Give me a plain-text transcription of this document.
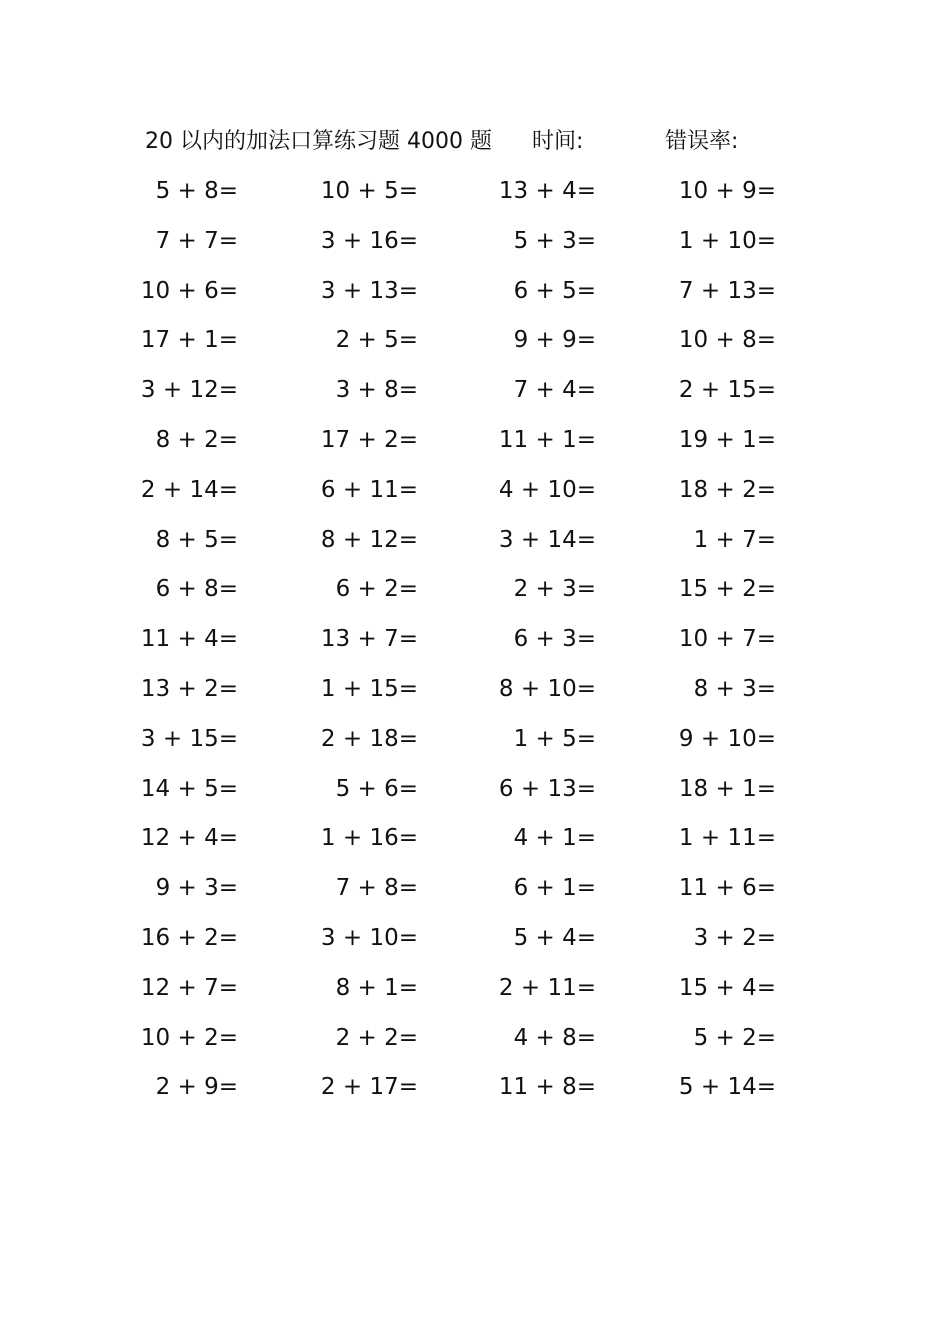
20 以内的加法口算练习题 4000 题 时间:	错误率:
5 + 8=	10 + 5=	13 + 4=	10 + 9=
7 + 7=	3 + 16=	5 + 3=	1 + 10=
10 + 6=	3 + 13=	6 + 5=	7 + 13=
17 + 1=	2 + 5=	9 + 9=	10 + 8=
3 + 12=	3 + 8=	7 + 4=	2 + 15=
8 + 2=	17 + 2=	11 + 1=	19 + 1=
2 + 14=	6 + 11=	4 + 10=	18 + 2=
8 + 5=	8 + 12=	3 + 14=	1 + 7=
6 + 8=	6 + 2=	2 + 3=	15 + 2=
11 + 4=	13 + 7=	6 + 3=	10 + 7=
13 + 2=	1 + 15=	8 + 10=	8 + 3=
3 + 15=	2 + 18=	1 + 5=	9 + 10=
14 + 5=	5 + 6=	6 + 13=	18 + 1=
12 + 4=	1 + 16=	4 + 1=	1 + 11=
9 + 3=	7 + 8=	6 + 1=	11 + 6=
16 + 2=	3 + 10=	5 + 4=	3 + 2=
12 + 7=	8 + 1=	2 + 11=	15 + 4=
10 + 2=	2 + 2=	4 + 8=	5 + 2=
2 + 9=	2 + 17=	11 + 8=	5 + 14=
